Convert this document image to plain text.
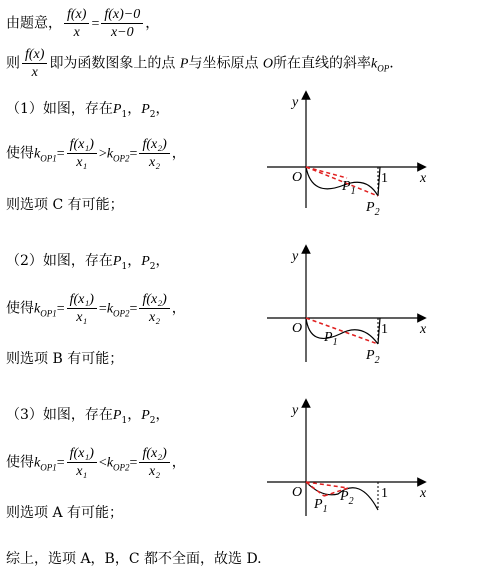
由题意， $\frac{f(x)}{x} = \frac{f(x)-0}{x-0}$ ，
则 $\frac{f(x)}{x}$ 即为函数图象上的点 P与坐标原点 O所在直线的斜率$k_{OP}$.
（1）如图，存在$P_1$，$P_2$，
使得$k_{OP1}= \frac{\text{f(x₁)}}{\text{x₁}} >k_{OP2}= \frac{\text{f(x₂)}}{\text{x₂}}$ ，
则选项 C 有可能；
（2）如图，存在$P_1$，$P_2$，
使得$k_{OP1}= \frac{\text{f(x₁)}}{\text{x₁}} =k_{OP2}= \frac{\text{f(x₂)}}{\text{x₂}}$ ，
则选项 B 有可能；
（3）如图，存在$P_1$，$P_2$，
使得$k_{OP1}= \frac{\text{f(x₁)}}{\text{x₁}} <k_{OP2}= \frac{\text{f(x₂)}}{\text{x₂}}$ ，
则选项 A 有可能；
综上，选项 A，B，C 都不全面，故选 D.
y
x
O	1
$P_1$
$P_2$
y
x
O	1
$P_1$
$P_2$
y
x
O	1
$P_1$
$P_2$
